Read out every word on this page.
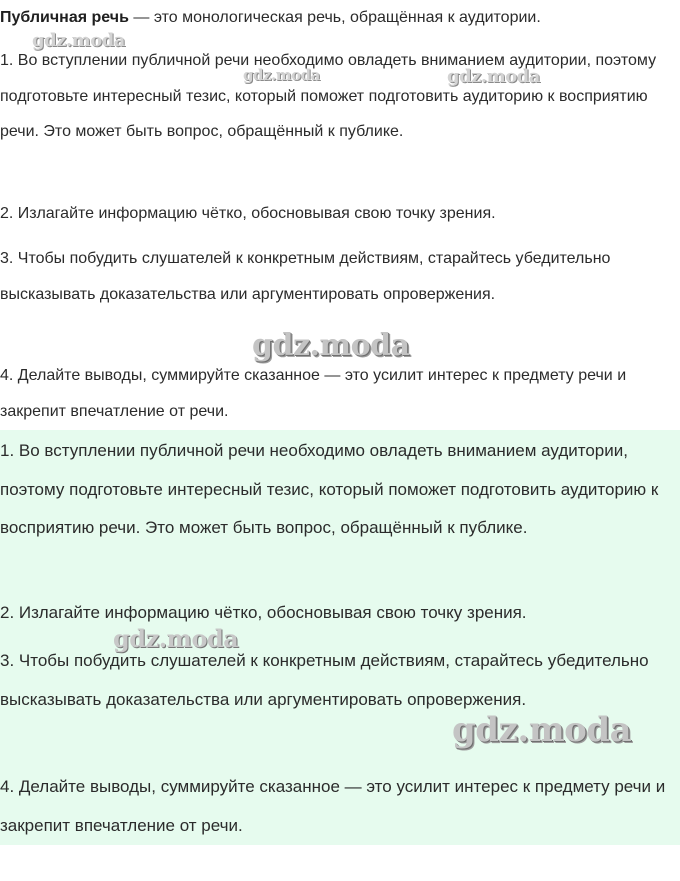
Публичная речь — это монологическая речь, обращённая к аудитории.

1. Во вступлении публичной речи необходимо овладеть вниманием аудитории, поэтому подготовьте интересный тезис, который поможет подготовить аудиторию к восприятию речи. Это может быть вопрос, обращённый к публике.

2. Излагайте информацию чётко, обосновывая свою точку зрения.

3. Чтобы побудить слушателей к конкретным действиям, старайтесь убедительно высказывать доказательства или аргументировать опровержения.

4. Делайте выводы, суммируйте сказанное — это усилит интерес к предмету речи и закрепит впечатление от речи.

1. Во вступлении публичной речи необходимо овладеть вниманием аудитории, поэтому подготовьте интересный тезис, который поможет подготовить аудиторию к восприятию речи. Это может быть вопрос, обращённый к публике.

2. Излагайте информацию чётко, обосновывая свою точку зрения.

3. Чтобы побудить слушателей к конкретным действиям, старайтесь убедительно высказывать доказательства или аргументировать опровержения.

4. Делайте выводы, суммируйте сказанное — это усилит интерес к предмету речи и закрепит впечатление от речи.

gdz.moda
gdz.moda	gdz.moda
gdz.moda
gdz.moda
gdz.moda
